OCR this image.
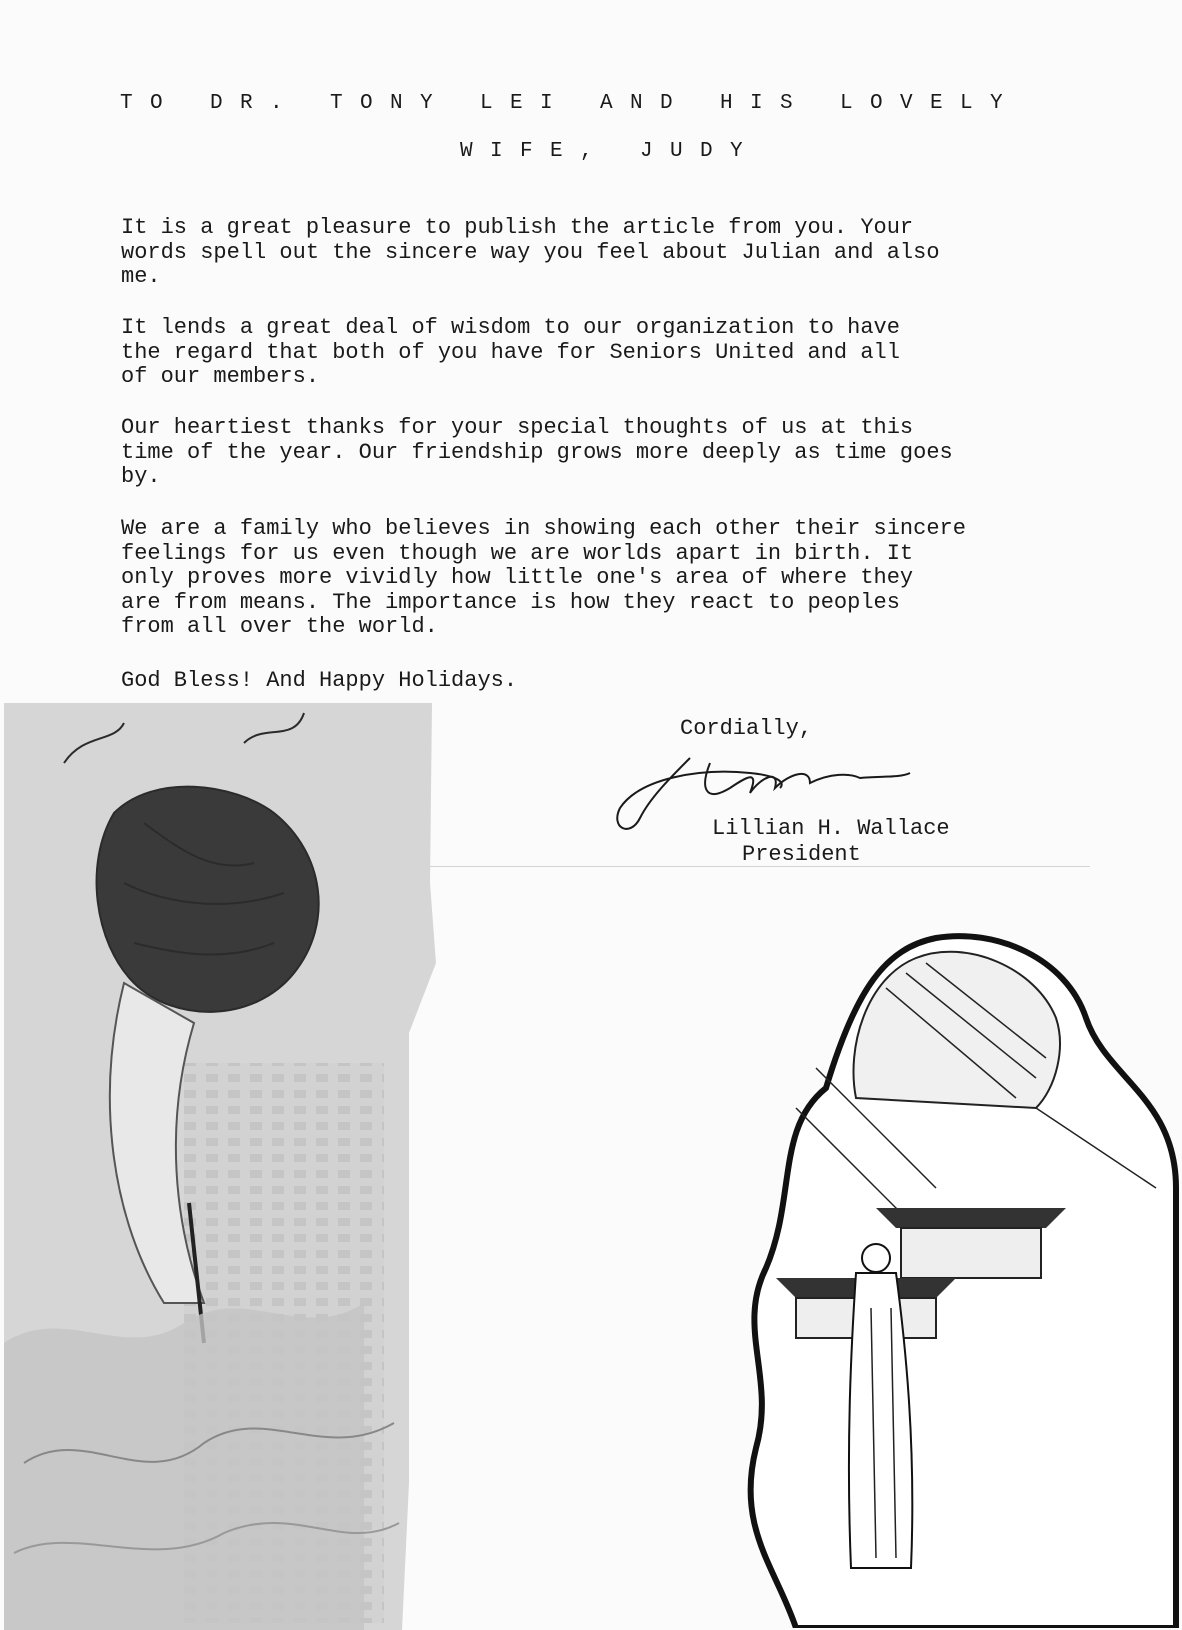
TO DR. TONY LEI AND HIS LOVELY
WIFE, JUDY

It is a great pleasure to publish the article from you. Your
words spell out the sincere way you feel about Julian and also
me.

It lends a great deal of wisdom to our organization to have
the regard that both of you have for Seniors United and all
of our members.

Our heartiest thanks for your special thoughts of us at this
time of the year. Our friendship grows more deeply as time goes
by.

We are a family who believes in showing each other their sincere
feelings for us even though we are worlds apart in birth. It
only proves more vividly how little one's area of where they
are from means. The importance is how they react to peoples
from all over the world.

God Bless! And Happy Holidays.

Cordially,
Lillian H. Wallace
President
